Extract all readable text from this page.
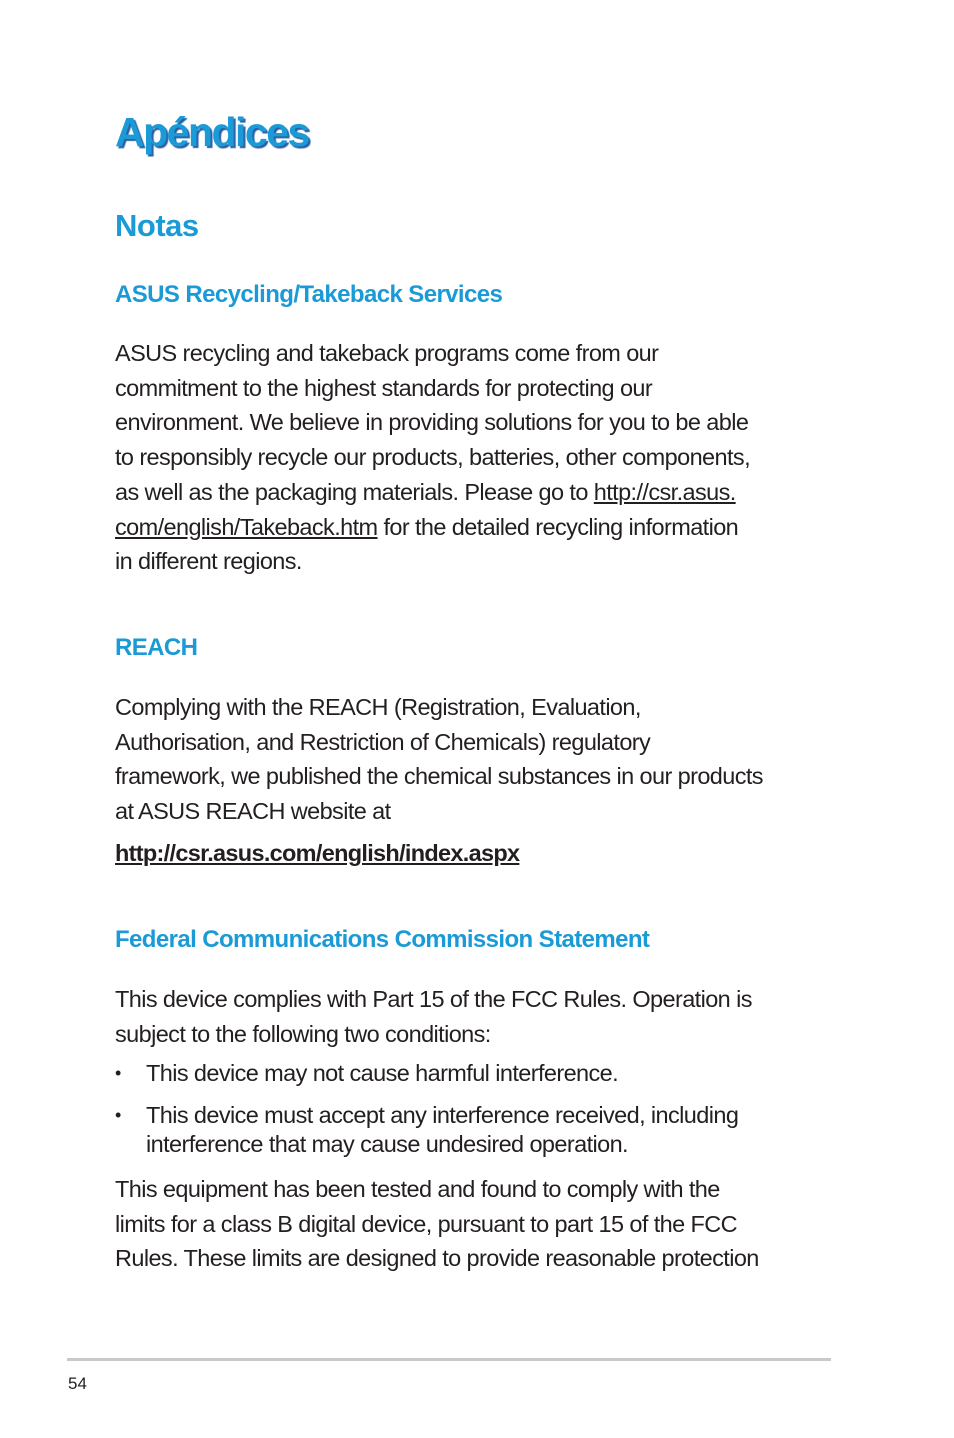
Apéndices
Notas
ASUS Recycling/Takeback Services

ASUS recycling and takeback programs come from our
commitment to the highest standards for protecting our
environment. We believe in providing solutions for you to be able
to responsibly recycle our products, batteries, other components,
as well as the packaging materials. Please go to http://csr.asus.
com/english/Takeback.htm for the detailed recycling information
in different regions.

REACH

Complying with the REACH (Registration, Evaluation,
Authorisation, and Restriction of Chemicals) regulatory
framework, we published the chemical substances in our products
at ASUS REACH website at

http://csr.asus.com/english/index.aspx
Federal Communications Commission Statement

This device complies with Part 15 of the FCC Rules. Operation is
subject to the following two conditions:

• This device may not cause harmful interference.
• This device must accept any interference received, including
interference that may cause undesired operation.

This equipment has been tested and found to comply with the
limits for a class B digital device, pursuant to part 15 of the FCC
Rules. These limits are designed to provide reasonable protection

54
